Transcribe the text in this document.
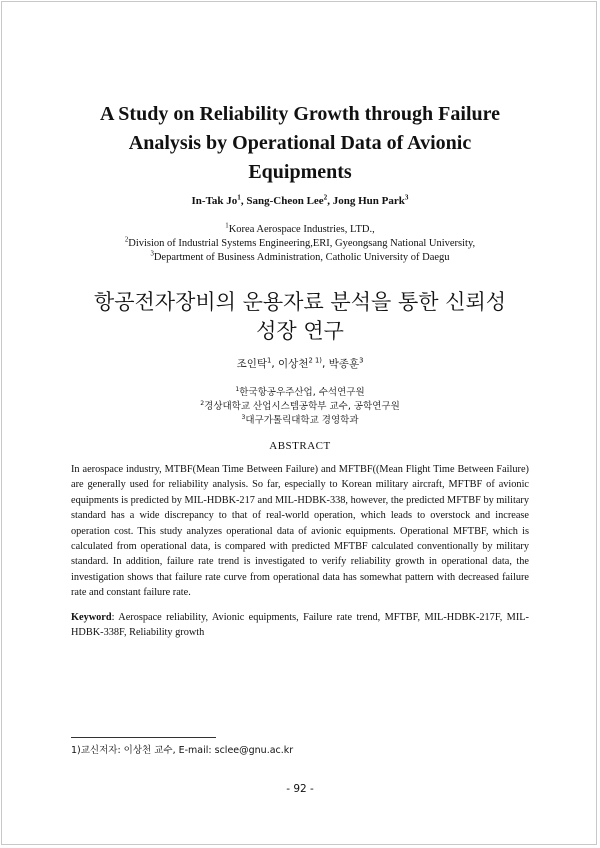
A Study on Reliability Growth through Failure
Analysis by Operational Data of Avionic
Equipments
In-Tak Jo$^1$, Sang-Cheon Lee$^2$, Jong Hun Park$^3$
$^1$Korea Aerospace Industries, LTD.,
$^2$Division of Industrial Systems Engineering,ERI, Gyeongsang National University,
$^3$Department of Business Administration, Catholic University of Daegu
항공전자장비의 운용자료 분석을 통한 신뢰성
성장 연구
조인탁$^1$, 이상천$^{2 1)}$, 박종훈$^3$
$^1$한국항공우주산업, 수석연구원
$^2$경상대학교 산업시스템공학부 교수, 공학연구원
$^3$대구가톨릭대학교 경영학과
ABSTRACT
In aerospace industry, MTBF(Mean Time Between Failure) and MFTBF((Mean Flight Time Between Failure) are generally used for reliability analysis. So far, especially to Korean military aircraft, MFTBF of avionic equipments is predicted by MIL-HDBK-217 and MIL-HDBK-338, however, the predicted MFTBF by military standard has a wide discrepancy to that of real-world operation, which leads to overstock and increase operation cost. This study analyzes operational data of avionic equipments. Operational MFTBF, which is calculated from operational data, is compared with predicted MFTBF calculated conventionally by military standard. In addition, failure rate trend is investigated to verify reliability growth in operational data, the investigation shows that failure rate curve from operational data has somewhat pattern with decreased failure rate and constant failure rate.
Keyword: Aerospace reliability, Avionic equipments, Failure rate trend, MFTBF, MIL-HDBK-217F, MIL-HDBK-338F, Reliability growth
1)교신저자: 이상천 교수, E-mail: sclee@gnu.ac.kr
- 92 -
